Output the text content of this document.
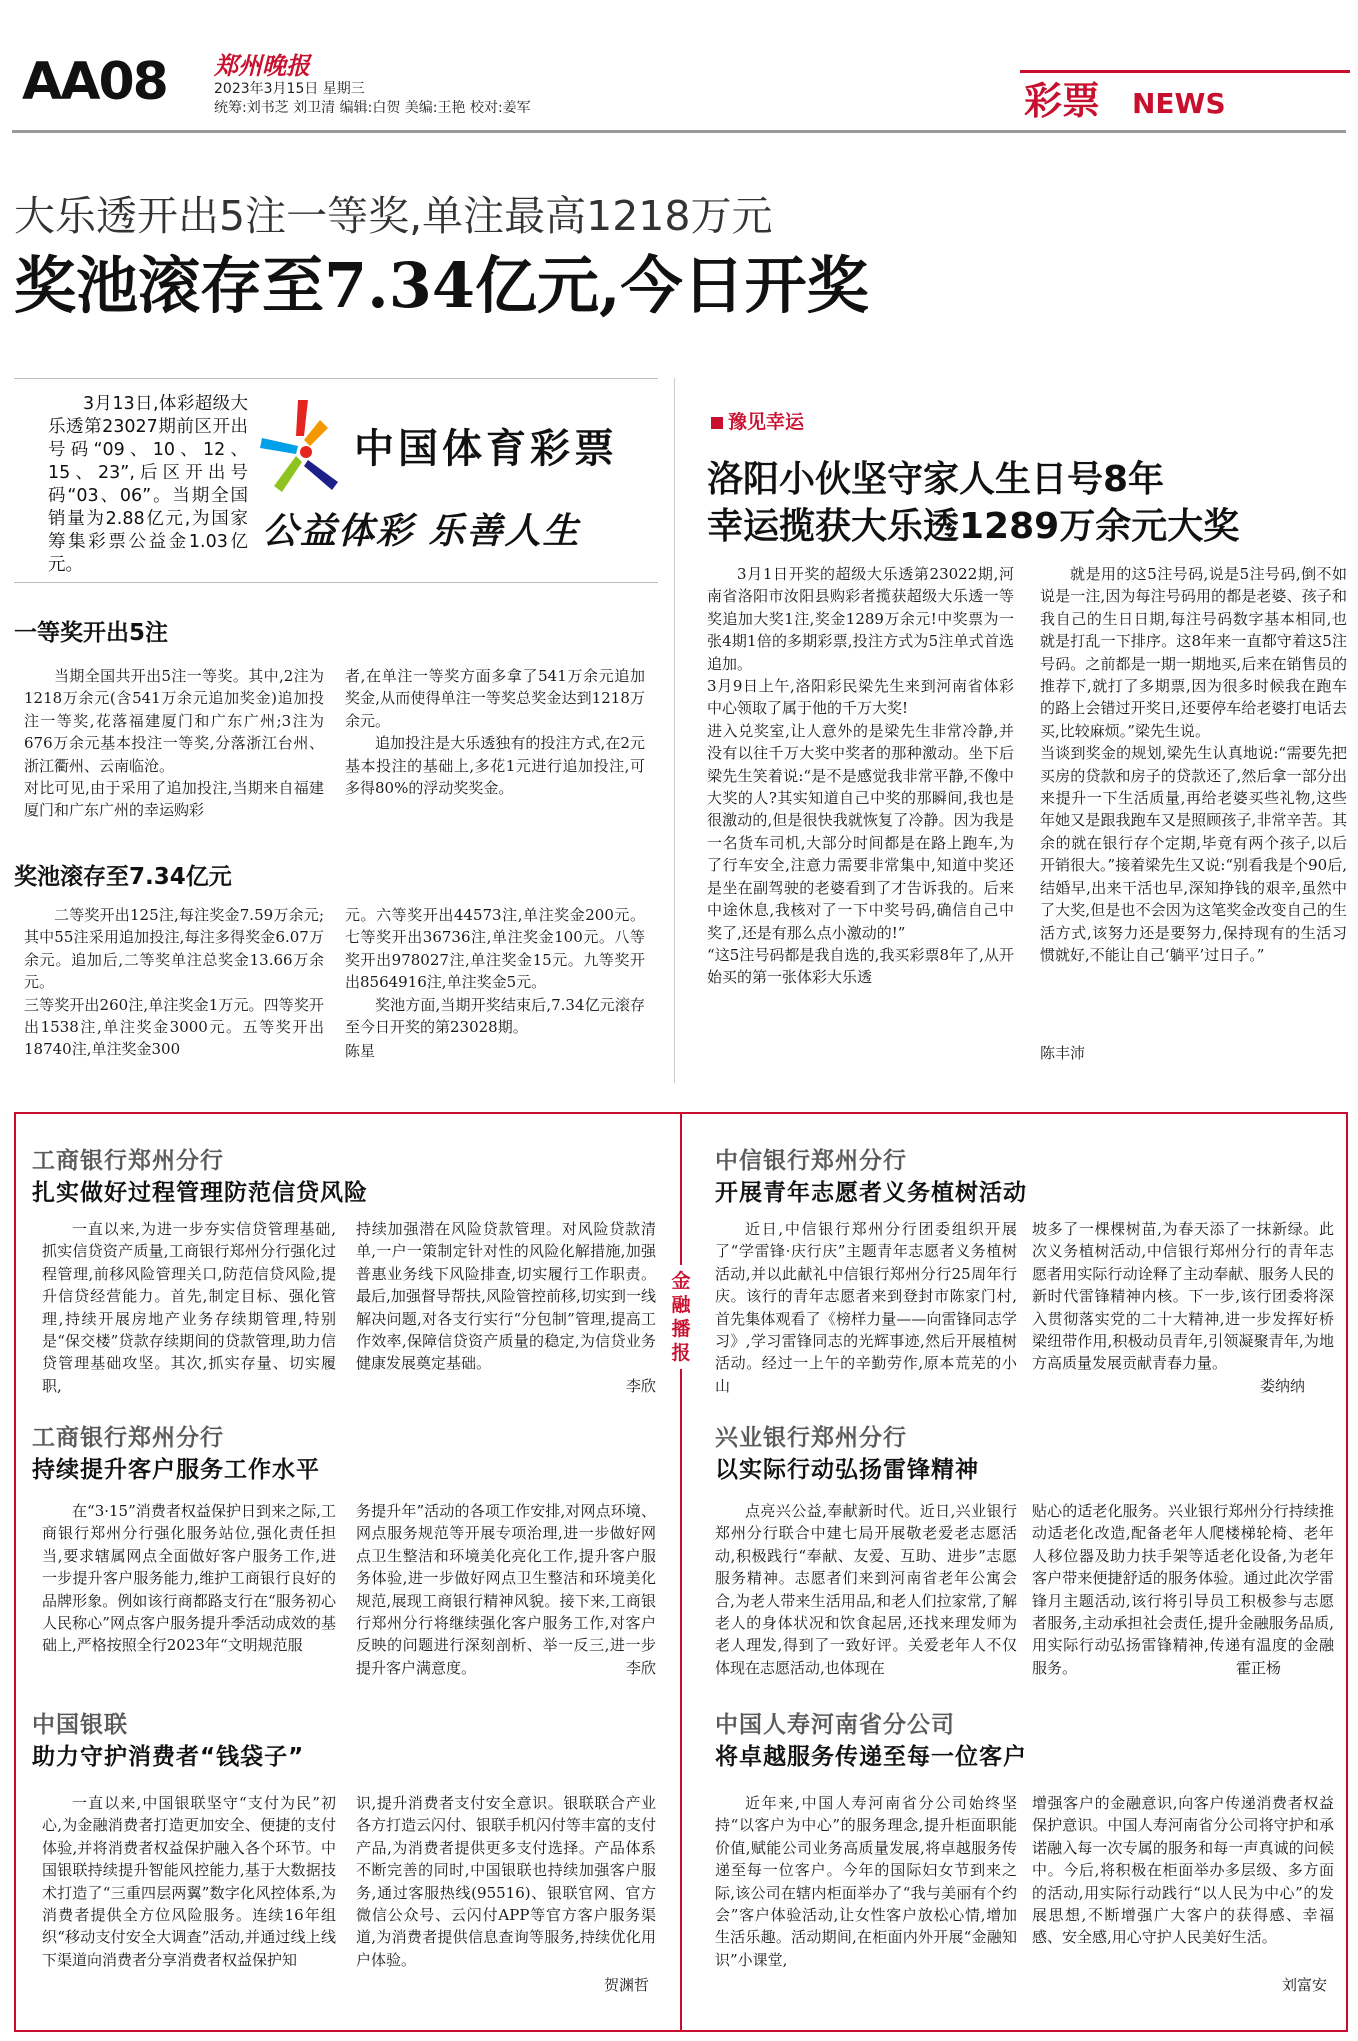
AA08 郑州晚报
2023年3月15日 星期三
统筹:刘书芝 刘卫清 编辑:白贺 美编:王艳 校对:姜军	彩票 NEWS
大乐透开出5注一等奖,单注最高1218万元
奖池滚存至7.34亿元,今日开奖
3月13日,体彩超级大乐透第23027期前区开出号码“09、10、12、15、23”,后区开出号码“03、06”。当期全国销量为2.88亿元,为国家筹集彩票公益金1.03亿元。
中国体育彩票
公益体彩 乐善人生
一等奖开出5注
当期全国共开出5注一等奖。其中,2注为1218万余元(含541万余元追加奖金)追加投注一等奖,花落福建厦门和广东广州;3注为676万余元基本投注一等奖,分落浙江台州、浙江衢州、云南临沧。
对比可见,由于采用了追加投注,当期来自福建厦门和广东广州的幸运购彩

者,在单注一等奖方面多拿了541万余元追加奖金,从而使得单注一等奖总奖金达到1218万余元。

追加投注是大乐透独有的投注方式,在2元基本投注的基础上,多花1元进行追加投注,可多得80%的浮动奖奖金。

奖池滚存至7.34亿元
二等奖开出125注,每注奖金7.59万余元;其中55注采用追加投注,每注多得奖金6.07万余元。追加后,二等奖单注总奖金13.66万余元。
三等奖开出260注,单注奖金1万元。四等奖开出1538注,单注奖金3000元。五等奖开出18740注,单注奖金300

元。六等奖开出44573注,单注奖金200元。七等奖开出36736注,单注奖金100元。八等奖开出978027注,单注奖金15元。九等奖开出8564916注,单注奖金5元。

奖池方面,当期开奖结束后,7.34亿元滚存至今日开奖的第23028期。

陈星
豫见幸运
洛阳小伙坚守家人生日号8年
幸运揽获大乐透1289万余元大奖
3月1日开奖的超级大乐透第23022期,河南省洛阳市汝阳县购彩者揽获超级大乐透一等奖追加大奖1注,奖金1289万余元!中奖票为一张4期1倍的多期彩票,投注方式为5注单式首选追加。
3月9日上午,洛阳彩民梁先生来到河南省体彩中心领取了属于他的千万大奖!
进入兑奖室,让人意外的是梁先生非常冷静,并没有以往千万大奖中奖者的那种激动。坐下后梁先生笑着说:“是不是感觉我非常平静,不像中大奖的人?其实知道自己中奖的那瞬间,我也是很激动的,但是很快我就恢复了冷静。因为我是一名货车司机,大部分时间都是在路上跑车,为了行车安全,注意力需要非常集中,知道中奖还是坐在副驾驶的老婆看到了才告诉我的。后来中途休息,我核对了一下中奖号码,确信自己中奖了,还是有那么点小激动的!”
“这5注号码都是我自选的,我买彩票8年了,从开始买的第一张体彩大乐透
就是用的这5注号码,说是5注号码,倒不如说是一注,因为每注号码用的都是老婆、孩子和我自己的生日日期,每注号码数字基本相同,也就是打乱一下排序。这8年来一直都守着这5注号码。之前都是一期一期地买,后来在销售员的推荐下,就打了多期票,因为很多时候我在跑车的路上会错过开奖日,还要停车给老婆打电话去买,比较麻烦。”梁先生说。
当谈到奖金的规划,梁先生认真地说:“需要先把买房的贷款和房子的贷款还了,然后拿一部分出来提升一下生活质量,再给老婆买些礼物,这些年她又是跟我跑车又是照顾孩子,非常辛苦。其余的就在银行存个定期,毕竟有两个孩子,以后开销很大。”接着梁先生又说:“别看我是个90后,结婚早,出来干活也早,深知挣钱的艰辛,虽然中了大奖,但是也不会因为这笔奖金改变自己的生活方式,该努力还是要努力,保持现有的生活习惯就好,不能让自己‘躺平’过日子。”
陈丰沛
金融播报
工商银行郑州分行
扎实做好过程管理防范信贷风险
一直以来,为进一步夯实信贷管理基础,抓实信贷资产质量,工商银行郑州分行强化过程管理,前移风险管理关口,防范信贷风险,提升信贷经营能力。首先,制定目标、强化管理,持续开展房地产业务存续期管理,特别是“保交楼”贷款存续期间的贷款管理,助力信贷管理基础攻坚。其次,抓实存量、切实履职,
持续加强潜在风险贷款管理。对风险贷款清单,一户一策制定针对性的风险化解措施,加强普惠业务线下风险排查,切实履行工作职责。最后,加强督导帮扶,风险管控前移,切实到一线解决问题,对各支行实行“分包制”管理,提高工作效率,保障信贷资产质量的稳定,为信贷业务健康发展奠定基础。
李欣
工商银行郑州分行
持续提升客户服务工作水平
在“3·15”消费者权益保护日到来之际,工商银行郑州分行强化服务站位,强化责任担当,要求辖属网点全面做好客户服务工作,进一步提升客户服务能力,维护工商银行良好的品牌形象。例如该行商都路支行在“服务初心 人民称心”网点客户服务提升季活动成效的基础上,严格按照全行2023年“文明规范服
务提升年”活动的各项工作安排,对网点环境、网点服务规范等开展专项治理,进一步做好网点卫生整洁和环境美化亮化工作,提升客户服务体验,进一步做好网点卫生整洁和环境美化规范,展现工商银行精神风貌。接下来,工商银行郑州分行将继续强化客户服务工作,对客户反映的问题进行深刻剖析、举一反三,进一步提升客户满意度。	李欣
中国银联
助力守护消费者“钱袋子”
一直以来,中国银联坚守“支付为民”初心,为金融消费者打造更加安全、便捷的支付体验,并将消费者权益保护融入各个环节。中国银联持续提升智能风控能力,基于大数据技术打造了“三重四层两翼”数字化风控体系,为消费者提供全方位风险服务。连续16年组织“移动支付安全大调查”活动,并通过线上线下渠道向消费者分享消费者权益保护知
识,提升消费者支付安全意识。银联联合产业各方打造云闪付、银联手机闪付等丰富的支付产品,为消费者提供更多支付选择。产品体系不断完善的同时,中国银联也持续加强客户服务,通过客服热线(95516)、银联官网、官方微信公众号、云闪付APP等官方客户服务渠道,为消费者提供信息查询等服务,持续优化用户体验。
贺渊哲
中信银行郑州分行
开展青年志愿者义务植树活动
近日,中信银行郑州分行团委组织开展了“学雷锋·庆行庆”主题青年志愿者义务植树活动,并以此献礼中信银行郑州分行25周年行庆。该行的青年志愿者来到登封市陈家门村,首先集体观看了《榜样力量——向雷锋同志学习》,学习雷锋同志的光辉事迹,然后开展植树活动。经过一上午的辛勤劳作,原本荒芜的小山
坡多了一棵棵树苗,为春天添了一抹新绿。此次义务植树活动,中信银行郑州分行的青年志愿者用实际行动诠释了主动奉献、服务人民的新时代雷锋精神内核。下一步,该行团委将深入贯彻落实党的二十大精神,进一步发挥好桥梁纽带作用,积极动员青年,引领凝聚青年,为地方高质量发展贡献青春力量。
娄纳纳
兴业银行郑州分行
以实际行动弘扬雷锋精神
点亮兴公益,奉献新时代。近日,兴业银行郑州分行联合中建七局开展敬老爱老志愿活动,积极践行“奉献、友爱、互助、进步”志愿服务精神。志愿者们来到河南省老年公寓会合,为老人带来生活用品,和老人们拉家常,了解老人的身体状况和饮食起居,还找来理发师为老人理发,得到了一致好评。关爱老年人不仅体现在志愿活动,也体现在
贴心的适老化服务。兴业银行郑州分行持续推动适老化改造,配备老年人爬楼梯轮椅、老年人移位器及助力扶手架等适老化设备,为老年客户带来便捷舒适的服务体验。通过此次学雷锋月主题活动,该行将引导员工积极参与志愿者服务,主动承担社会责任,提升金融服务品质,用实际行动弘扬雷锋精神,传递有温度的金融服务。	霍正杨
中国人寿河南省分公司
将卓越服务传递至每一位客户
近年来,中国人寿河南省分公司始终坚持“以客户为中心”的服务理念,提升柜面职能价值,赋能公司业务高质量发展,将卓越服务传递至每一位客户。今年的国际妇女节到来之际,该公司在辖内柜面举办了“我与美丽有个约会”客户体验活动,让女性客户放松心情,增加生活乐趣。活动期间,在柜面内外开展“金融知识”小课堂,
增强客户的金融意识,向客户传递消费者权益保护意识。中国人寿河南省分公司将守护和承诺融入每一次专属的服务和每一声真诚的问候中。今后,将积极在柜面举办多层级、多方面的活动,用实际行动践行“以人民为中心”的发展思想,不断增强广大客户的获得感、幸福感、安全感,用心守护人民美好生活。
刘富安
